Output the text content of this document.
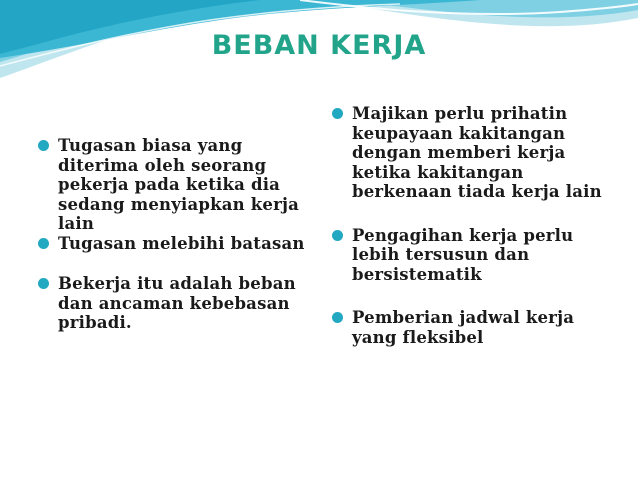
BEBAN KERJA
Tugasan biasa yang diterima oleh seorang pekerja pada ketika dia sedang menyiapkan kerja lain
Tugasan melebihi batasan
Bekerja itu adalah beban dan ancaman kebebasan pribadi.
Majikan perlu prihatin keupayaan kakitangan dengan memberi kerja ketika kakitangan berkenaan tiada kerja lain
Pengagihan kerja perlu lebih tersusun dan bersistematik
Pemberian jadwal kerja yang fleksibel
